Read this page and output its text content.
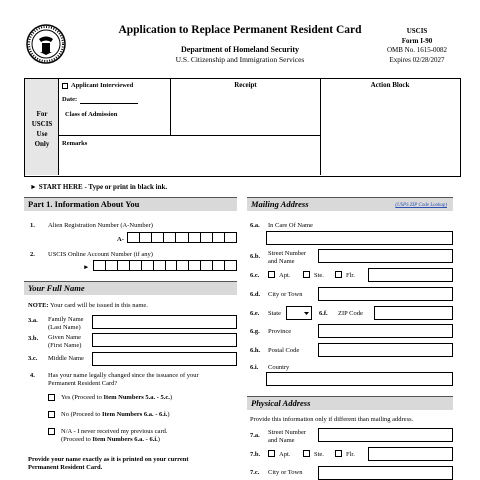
Application to Replace Permanent Resident Card
Department of Homeland Security
U.S. Citizenship and Immigration Services
USCIS
Form I-90
OMB No. 1615-0082
Expires 02/28/2027
For
USCIS
Use
Only
Applicant Interviewed
Date:
Class of Admission
Receipt	Action Block
Remarks
► START HERE - Type or print in black ink.
Part 1. Information About You
1. Alien Registration Number (A-Number)
A-
2. USCIS Online Account Number (if any)
►
Your Full Name
NOTE: Your card will be issued in this name.
3.a. Family Name
(Last Name)
3.b. Given Name
(First Name)
3.c. Middle Name
4. Has your name legally changed since the issuance of your
Permanent Resident Card?
Yes (Proceed to Item Numbers 5.a. - 5.c.)
No (Proceed to Item Numbers 6.a. - 6.i.)
N/A - I never received my previous card.
(Proceed to Item Numbers 6.a. - 6.i.)
Provide your name exactly as it is printed on your current
Permanent Resident Card.
Mailing Address	(USPS ZIP Code Lookup)
6.a. In Care Of Name
6.b. Street Number
and Name
6.c.	Apt.	Ste.	Flr.
6.d. City or Town
6.e. State	6.f. ZIP Code
6.g. Province
6.h. Postal Code
6.i. Country
Physical Address
Provide this information only if different than mailing address.
7.a. Street Number
and Name
7.b.	Apt.	Ste.	Flr.
7.c. City or Town
